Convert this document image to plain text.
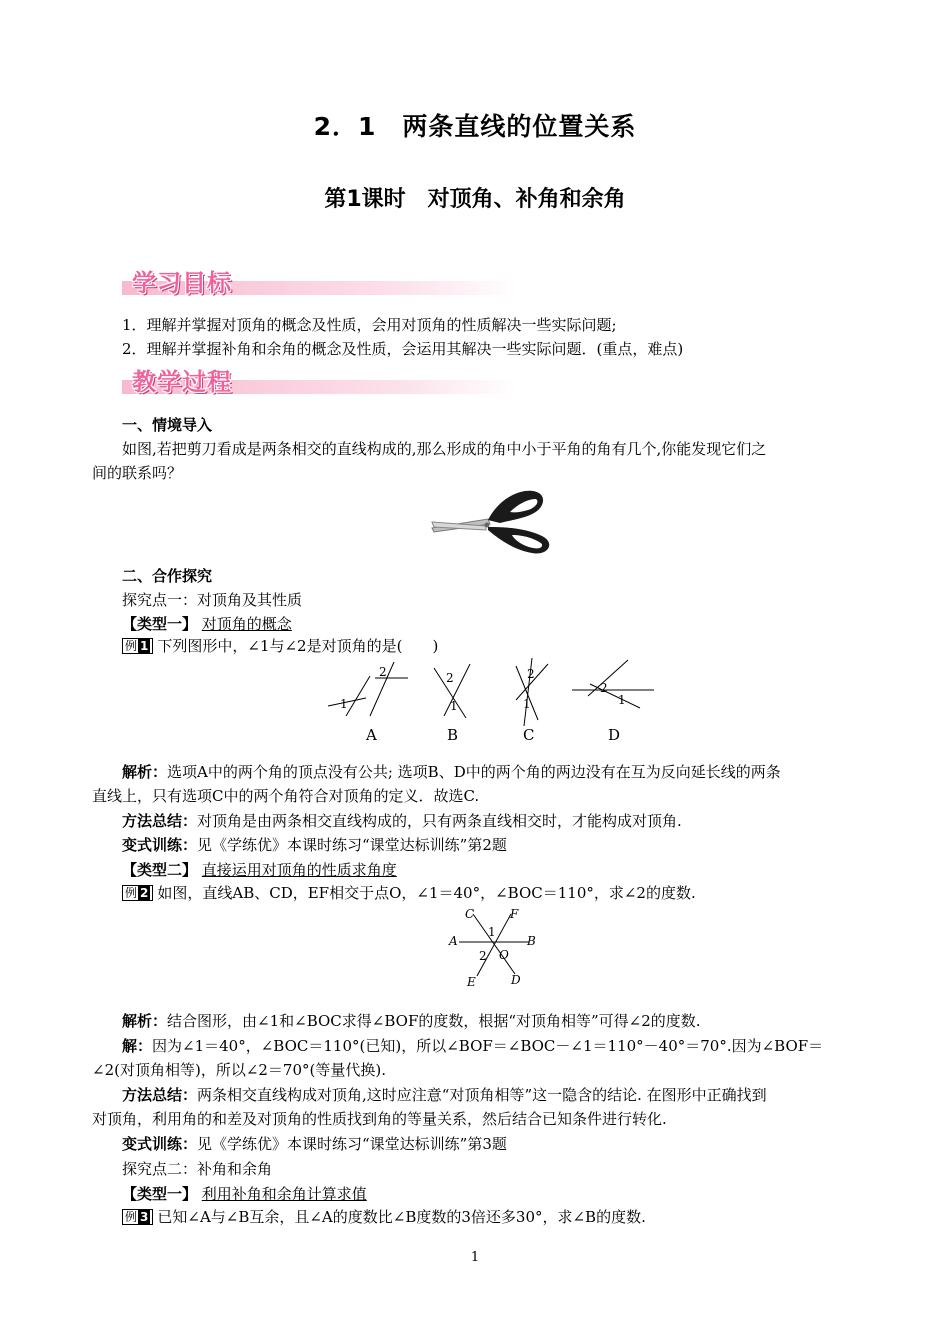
2．1　两条直线的位置关系
第1课时　对顶角、补角和余角
学习目标
1．理解并掌握对顶角的概念及性质，会用对顶角的性质解决一些实际问题;
2．理解并掌握补角和余角的概念及性质，会运用其解决一些实际问题．(重点，难点)
教学过程
一、情境导入
如图,若把剪刀看成是两条相交的直线构成的,那么形成的角中小于平角的角有几个,你能发现它们之
间的联系吗？
二、合作探究
探究点一：对顶角及其性质
【类型一】 对顶角的概念
例 1 下列图形中，∠1与∠2是对顶角的是(　　)
2
1
2
1
2
1
2
1
A	B	C	D
解析：选项A中的两个角的顶点没有公共; 选项B、D中的两个角的两边没有在互为反向延长线的两条
直线上，只有选项C中的两个角符合对顶角的定义．故选C.
方法总结：对顶角是由两条相交直线构成的，只有两条直线相交时，才能构成对顶角.
变式训练：见《学练优》本课时练习“课堂达标训练”第2题
【类型二】 直接运用对顶角的性质求角度
例 2 如图，直线AB、CD，EF相交于点O，∠1＝40°，∠BOC＝110°，求∠2的度数.
C	F
A	B
O
E	D
1
2
解析：结合图形，由∠1和∠BOC求得∠BOF的度数，根据“对顶角相等”可得∠2的度数.
解：因为∠1＝40°，∠BOC＝110°(已知)，所以∠BOF＝∠BOC－∠1＝110°－40°＝70°.因为∠BOF＝
∠2(对顶角相等)，所以∠2＝70°(等量代换).
方法总结：两条相交直线构成对顶角,这时应注意“对顶角相等”这一隐含的结论. 在图形中正确找到
对顶角，利用角的和差及对顶角的性质找到角的等量关系，然后结合已知条件进行转化.
变式训练：见《学练优》本课时练习“课堂达标训练”第3题
探究点二：补角和余角
【类型一】 利用补角和余角计算求值
例 3 已知∠A与∠B互余，且∠A的度数比∠B度数的3倍还多30°，求∠B的度数.
1
